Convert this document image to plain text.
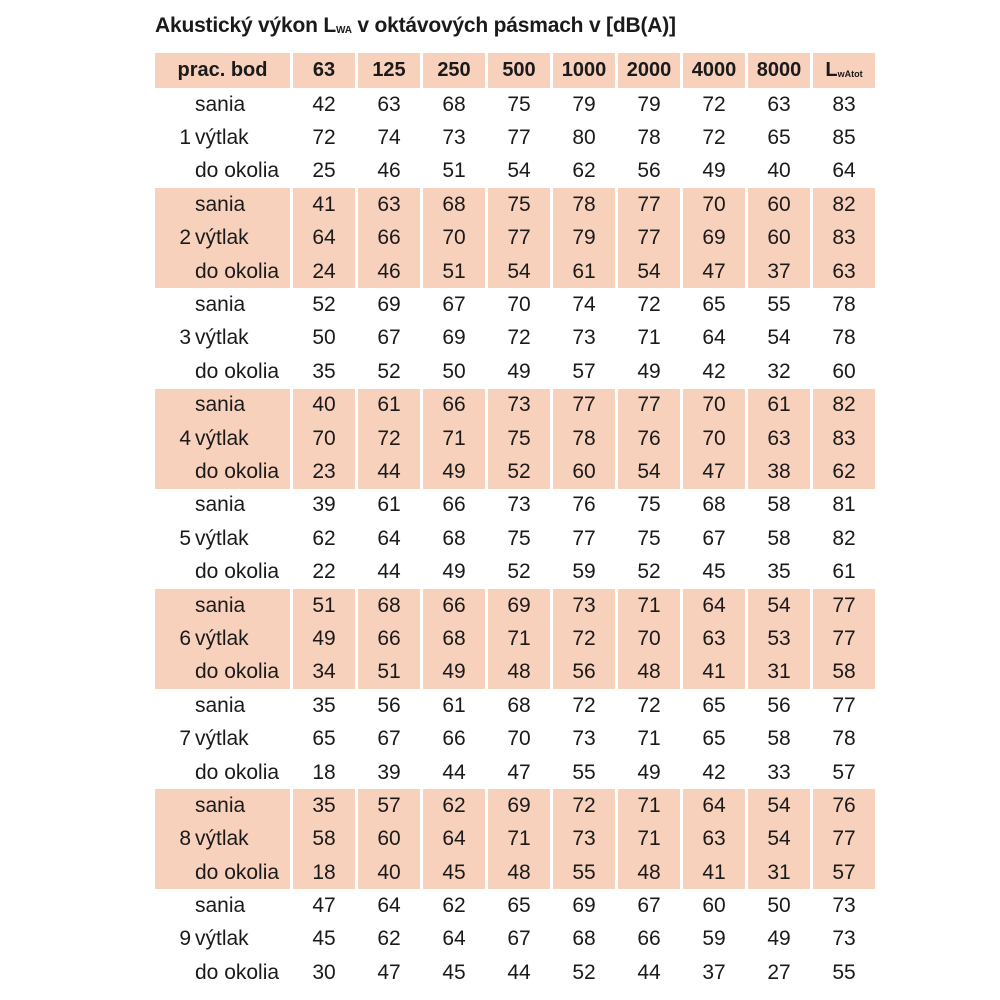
Akustický výkon $L_{WA}$ v oktávových pásmach v [dB(A)]
prac. bod		63	125	250	500	1000	2000	4000	8000	$L_{wAtot}$
	sania	42	63	68	75	79	79	72	63	83
1	výtlak	72	74	73	77	80	78	72	65	85
	do okolia	25	46	51	54	62	56	49	40	64
	sania	41	63	68	75	78	77	70	60	82
2	výtlak	64	66	70	77	79	77	69	60	83
	do okolia	24	46	51	54	61	54	47	37	63
	sania	52	69	67	70	74	72	65	55	78
3	výtlak	50	67	69	72	73	71	64	54	78
	do okolia	35	52	50	49	57	49	42	32	60
	sania	40	61	66	73	77	77	70	61	82
4	výtlak	70	72	71	75	78	76	70	63	83
	do okolia	23	44	49	52	60	54	47	38	62
	sania	39	61	66	73	76	75	68	58	81
5	výtlak	62	64	68	75	77	75	67	58	82
	do okolia	22	44	49	52	59	52	45	35	61
	sania	51	68	66	69	73	71	64	54	77
6	výtlak	49	66	68	71	72	70	63	53	77
	do okolia	34	51	49	48	56	48	41	31	58
	sania	35	56	61	68	72	72	65	56	77
7	výtlak	65	67	66	70	73	71	65	58	78
	do okolia	18	39	44	47	55	49	42	33	57
	sania	35	57	62	69	72	71	64	54	76
8	výtlak	58	60	64	71	73	71	63	54	77
	do okolia	18	40	45	48	55	48	41	31	57
	sania	47	64	62	65	69	67	60	50	73
9	výtlak	45	62	64	67	68	66	59	49	73
	do okolia	30	47	45	44	52	44	37	27	55
